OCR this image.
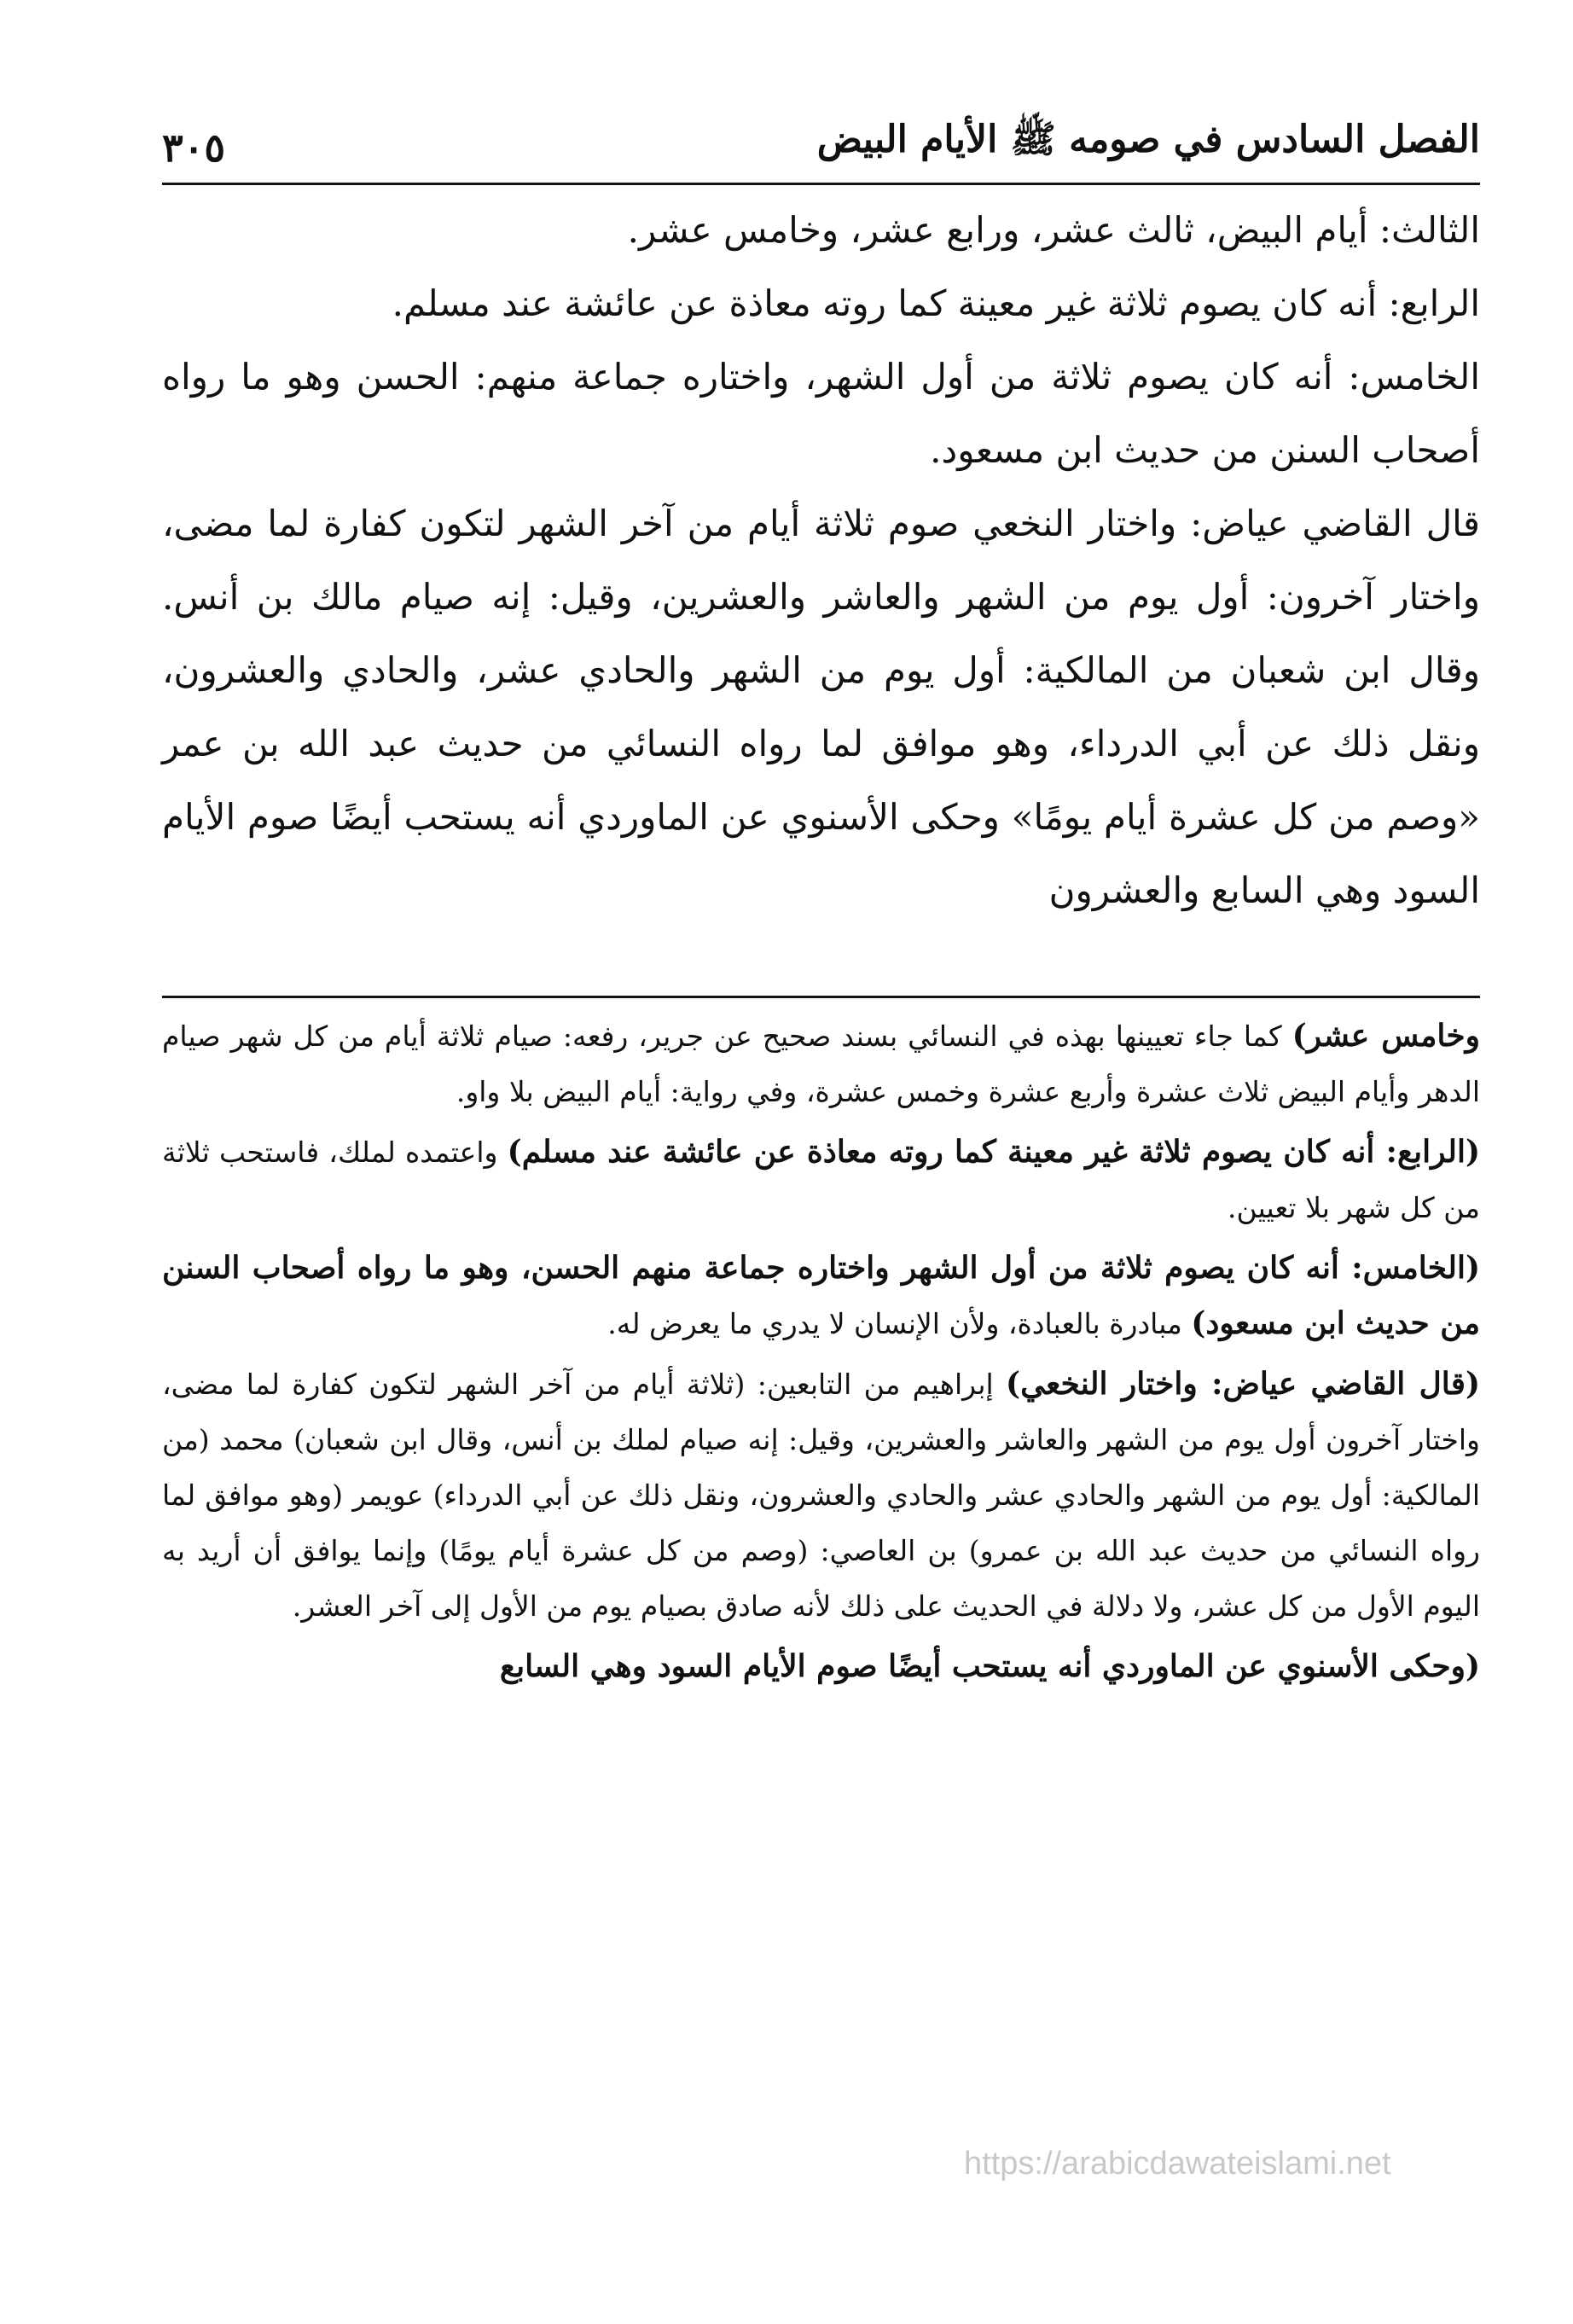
الفصل السادس في صومه ﷺ الأيام البيض
٣٠٥

الثالث: أيام البيض، ثالث عشر، ورابع عشر، وخامس عشر.

الرابع: أنه كان يصوم ثلاثة غير معينة كما روته معاذة عن عائشة عند مسلم.

الخامس: أنه كان يصوم ثلاثة من أول الشهر، واختاره جماعة منهم: الحسن وهو ما رواه أصحاب السنن من حديث ابن مسعود.

قال القاضي عياض: واختار النخعي صوم ثلاثة أيام من آخر الشهر لتكون كفارة لما مضى، واختار آخرون: أول يوم من الشهر والعاشر والعشرين، وقيل: إنه صيام مالك بن أنس. وقال ابن شعبان من المالكية: أول يوم من الشهر والحادي عشر، والحادي والعشرون، ونقل ذلك عن أبي الدرداء، وهو موافق لما رواه النسائي من حديث عبد الله بن عمر «وصم من كل عشرة أيام يومًا» وحكى الأسنوي عن الماوردي أنه يستحب أيضًا صوم الأيام السود وهي السابع والعشرون

وخامس عشر) كما جاء تعيينها بهذه في النسائي بسند صحيح عن جرير، رفعه: صيام ثلاثة أيام من كل شهر صيام الدهر وأيام البيض ثلاث عشرة وأربع عشرة وخمس عشرة، وفي رواية: أيام البيض بلا واو.

(الرابع: أنه كان يصوم ثلاثة غير معينة كما روته معاذة عن عائشة عند مسلم) واعتمده لملك، فاستحب ثلاثة من كل شهر بلا تعيين.

(الخامس: أنه كان يصوم ثلاثة من أول الشهر واختاره جماعة منهم الحسن، وهو ما رواه أصحاب السنن من حديث ابن مسعود) مبادرة بالعبادة، ولأن الإنسان لا يدري ما يعرض له.

(قال القاضي عياض: واختار النخعي) إبراهيم من التابعين: (ثلاثة أيام من آخر الشهر لتكون كفارة لما مضى، واختار آخرون أول يوم من الشهر والعاشر والعشرين، وقيل: إنه صيام لملك بن أنس، وقال ابن شعبان) محمد (من المالكية: أول يوم من الشهر والحادي عشر والحادي والعشرون، ونقل ذلك عن أبي الدرداء) عويمر (وهو موافق لما رواه النسائي من حديث عبد الله بن عمرو) بن العاصي: (وصم من كل عشرة أيام يومًا) وإنما يوافق أن أريد به اليوم الأول من كل عشر، ولا دلالة في الحديث على ذلك لأنه صادق بصيام يوم من الأول إلى آخر العشر.

(وحكى الأسنوي عن الماوردي أنه يستحب أيضًا صوم الأيام السود وهي السابع

https://arabicdawateislami.net
